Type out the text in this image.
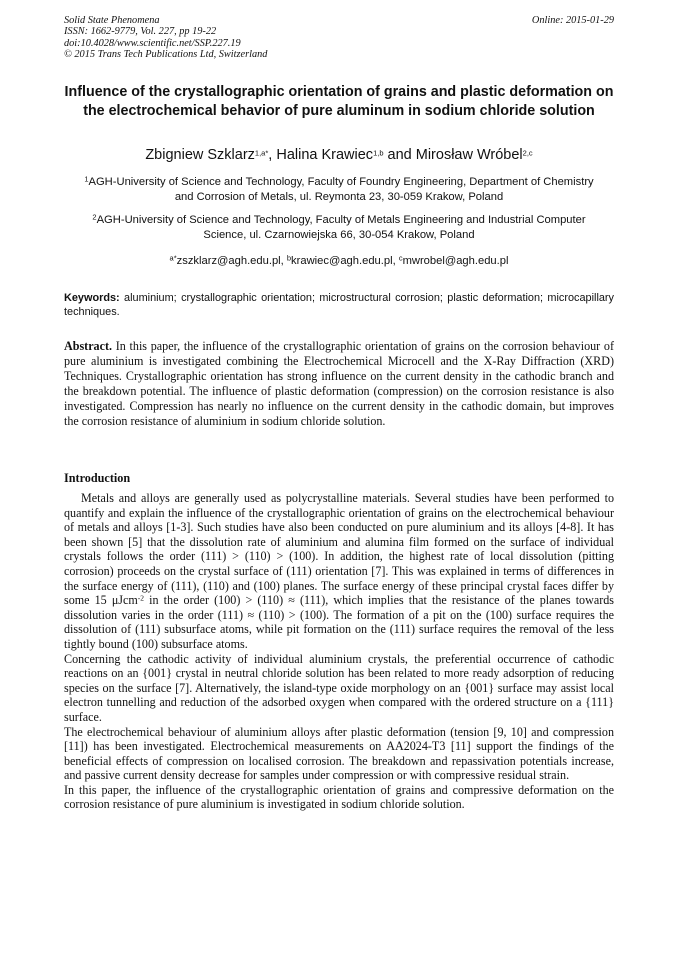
Solid State Phenomena
ISSN: 1662-9779, Vol. 227, pp 19-22
doi:10.4028/www.scientific.net/SSP.227.19
© 2015 Trans Tech Publications Ltd, Switzerland
Online: 2015-01-29
Influence of the crystallographic orientation of grains and plastic deformation on the electrochemical behavior of pure aluminum in sodium chloride solution
Zbigniew Szklarz$^{1,a*}$, Halina Krawiec$^{1,b}$ and Mirosław Wróbel$^{2,c}$
$^1$AGH-University of Science and Technology, Faculty of Foundry Engineering, Department of Chemistry and Corrosion of Metals, ul. Reymonta 23, 30-059 Krakow, Poland
$^2$AGH-University of Science and Technology, Faculty of Metals Engineering and Industrial Computer Science, ul. Czarnowiejska 66, 30-054 Krakow, Poland
$^{a*}$zszklarz@agh.edu.pl, $^b$krawiec@agh.edu.pl, $^c$mwrobel@agh.edu.pl
Keywords: aluminium; crystallographic orientation; microstructural corrosion; plastic deformation; microcapillary techniques.
Abstract. In this paper, the influence of the crystallographic orientation of grains on the corrosion behaviour of pure aluminium is investigated combining the Electrochemical Microcell and the X-Ray Diffraction (XRD) Techniques. Crystallographic orientation has strong influence on the current density in the cathodic branch and the breakdown potential. The influence of plastic deformation (compression) on the corrosion resistance is also investigated. Compression has nearly no influence on the current density in the cathodic domain, but improves the corrosion resistance of aluminium in sodium chloride solution.
Introduction

Metals and alloys are generally used as polycrystalline materials. Several studies have been performed to quantify and explain the influence of the crystallographic orientation of grains on the electrochemical behaviour of metals and alloys [1-3]. Such studies have also been conducted on pure aluminium and its alloys [4-8]. It has been shown [5] that the dissolution rate of aluminium and alumina film formed on the surface of individual crystals follows the order (111) > (110) > (100). In addition, the highest rate of local dissolution (pitting corrosion) proceeds on the crystal surface of (111) orientation [7]. This was explained in terms of differences in the surface energy of (111), (110) and (100) planes. The surface energy of these principal crystal faces differ by some 15 μJcm$^{-2}$ in the order (100) > (110) ≈ (111), which implies that the resistance of the planes towards dissolution varies in the order (111) ≈ (110) > (100). The formation of a pit on the (100) surface requires the dissolution of (111) subsurface atoms, while pit formation on the (111) surface requires the removal of the less tightly bound (100) subsurface atoms.

Concerning the cathodic activity of individual aluminium crystals, the preferential occurrence of cathodic reactions on an {001} crystal in neutral chloride solution has been related to more ready adsorption of reducing species on the surface [7]. Alternatively, the island-type oxide morphology on an {001} surface may assist local electron tunnelling and reduction of the adsorbed oxygen when compared with the ordered structure on a {111} surface.

The electrochemical behaviour of aluminium alloys after plastic deformation (tension [9, 10] and compression [11]) has been investigated. Electrochemical measurements on AA2024-T3 [11] support the findings of the beneficial effects of compression on localised corrosion. The breakdown and repassivation potentials increase, and passive current density decrease for samples under compression or with compressive residual strain.

In this paper, the influence of the crystallographic orientation of grains and compressive deformation on the corrosion resistance of pure aluminium is investigated in sodium chloride solution.
